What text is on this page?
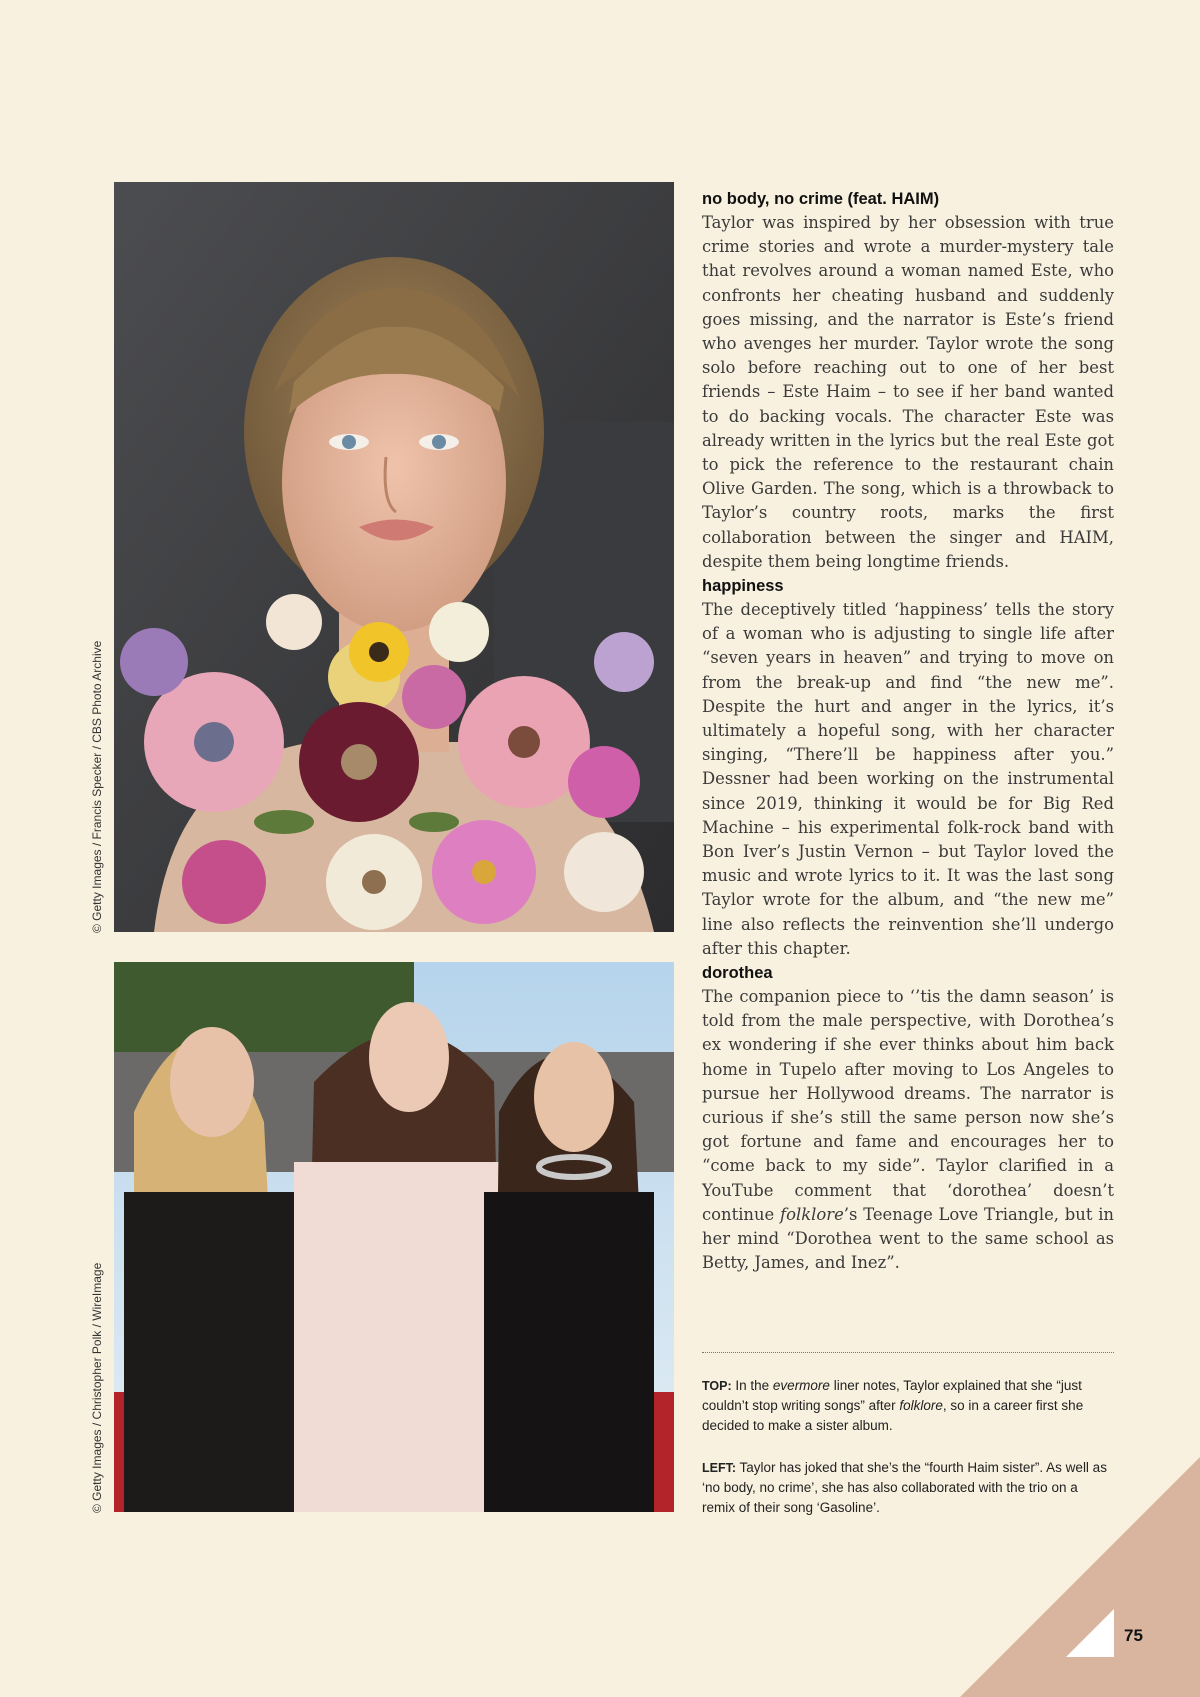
© Getty Images / Francis Specker / CBS Photo Archive
© Getty Images / Christopher Polk / WireImage
no body, no crime (feat. HAIM)

Taylor was inspired by her obsession with true crime stories and wrote a murder-mystery tale that revolves around a woman named Este, who confronts her cheating husband and suddenly goes missing, and the narrator is Este’s friend who avenges her murder. Taylor wrote the song solo before reaching out to one of her best friends – Este Haim – to see if her band wanted to do backing vocals. The character Este was already written in the lyrics but the real Este got to pick the reference to the restaurant chain Olive Garden. The song, which is a throwback to Taylor’s country roots, marks the first collaboration between the singer and HAIM, despite them being longtime friends.

happiness

The deceptively titled ‘happiness’ tells the story of a woman who is adjusting to single life after “seven years in heaven” and trying to move on from the break-up and find “the new me”. Despite the hurt and anger in the lyrics, it’s ultimately a hopeful song, with her character singing, “There’ll be happiness after you.” Dessner had been working on the instrumental since 2019, thinking it would be for Big Red Machine – his experimental folk-rock band with Bon Iver’s Justin Vernon – but Taylor loved the music and wrote lyrics to it. It was the last song Taylor wrote for the album, and “the new me” line also reflects the reinvention she’ll undergo after this chapter.

dorothea

The companion piece to ‘’tis the damn season’ is told from the male perspective, with Dorothea’s ex wondering if she ever thinks about him back home in Tupelo after moving to Los Angeles to pursue her Hollywood dreams. The narrator is curious if she’s still the same person now she’s got fortune and fame and encourages her to “come back to my side”. Taylor clarified in a YouTube comment that ‘dorothea’ doesn’t continue folklore’s Teenage Love Triangle, but in her mind “Dorothea went to the same school as Betty, James, and Inez”.

TOP: In the evermore liner notes, Taylor explained that she “just couldn’t stop writing songs” after folklore, so in a career first she decided to make a sister album.

LEFT: Taylor has joked that she’s the “fourth Haim sister”. As well as ‘no body, no crime’, she has also collaborated with the trio on a remix of their song ‘Gasoline’.

75
